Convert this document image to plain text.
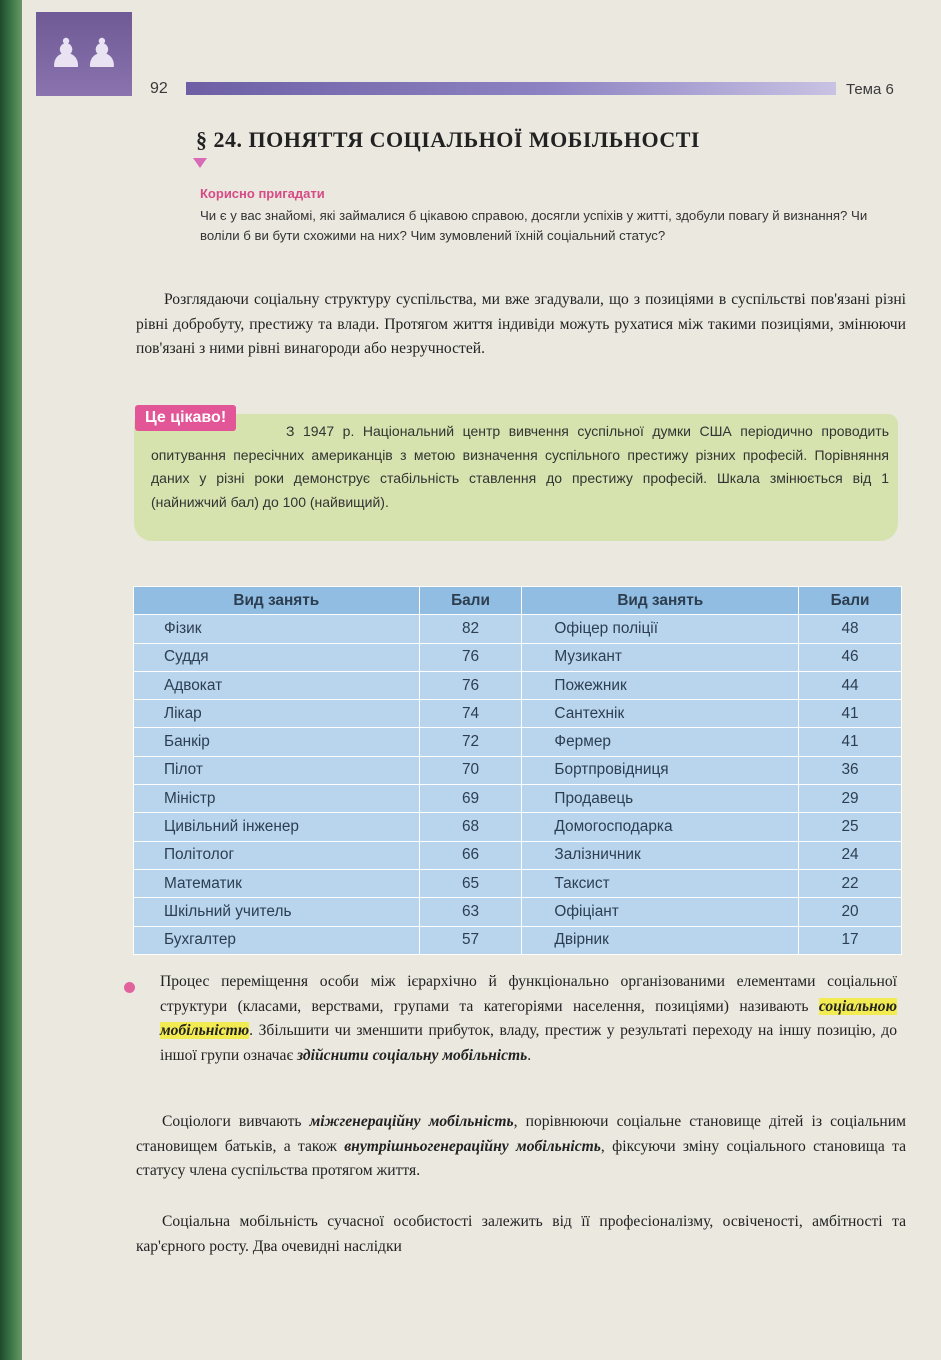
♟♟
92	Тема 6
§ 24. ПОНЯТТЯ СОЦІАЛЬНОЇ МОБІЛЬНОСТІ
Корисно пригадати
Чи є у вас знайомі, які займалися б цікавою справою, досягли успіхів у житті, здобули повагу й визнання? Чи воліли б ви бути схожими на них? Чим зумовлений їхній соціальний статус?

Розглядаючи соціальну структуру суспільства, ми вже згадували, що з позиціями в суспільстві пов'язані різні рівні добробуту, престижу та влади. Протягом життя індивіди можуть рухатися між такими позиціями, змінюючи пов'язані з ними рівні винагороди або незручностей.

З 1947 р. Національний центр вивчення суспільної думки США періодично проводить опитування пересічних американців з метою визначення суспільного престижу різних професій. Порівняння даних у різні роки демонструє стабільність ставлення до престижу професій. Шкала змінюється від 1 (найнижчий бал) до 100 (найвищий).
Це цікаво!
Вид занять	Бали	Вид занять	Бали
Фізик	82	Офіцер поліції	48
Суддя	76	Музикант	46
Адвокат	76	Пожежник	44
Лікар	74	Сантехнік	41
Банкір	72	Фермер	41
Пілот	70	Бортпровідниця	36
Міністр	69	Продавець	29
Цивільний інженер	68	Домогосподарка	25
Політолог	66	Залізничник	24
Математик	65	Таксист	22
Шкільний учитель	63	Офіціант	20
Бухгалтер	57	Двірник	17

Процес переміщення особи між ієрархічно й функціонально організованими елементами соціальної структури (класами, верствами, групами та категоріями населення, позиціями) називають соціальною мобільністю. Збільшити чи зменшити прибуток, владу, престиж у результаті переходу на іншу позицію, до іншої групи означає здійснити соціальну мобільність.

Соціологи вивчають міжгенераційну мобільність, порівнюючи соціальне становище дітей із соціальним становищем батьків, а також внутрішньогенераційну мобільність, фіксуючи зміну соціального становища та статусу члена суспільства протягом життя.

Соціальна мобільність сучасної особистості залежить від її професіоналізму, освіченості, амбітності та кар'єрного росту. Два очевидні наслідки
